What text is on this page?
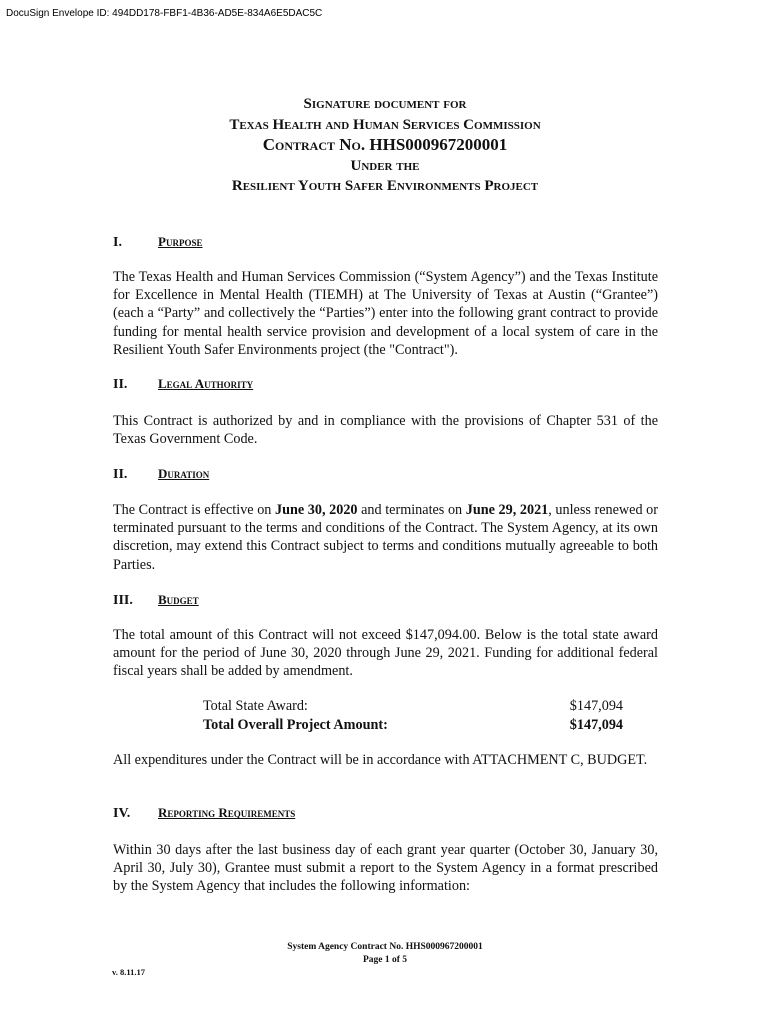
DocuSign Envelope ID: 494DD178-FBF1-4B36-AD5E-834A6E5DAC5C
Signature document for
Texas Health and Human Services Commission
Contract No. HHS000967200001
Under the
Resilient Youth Safer Environments Project
I.	Purpose
The Texas Health and Human Services Commission (“System Agency”) and the Texas Institute for Excellence in Mental Health (TIEMH) at The University of Texas at Austin (“Grantee”) (each a “Party” and collectively the “Parties”) enter into the following grant contract to provide funding for mental health service provision and development of a local system of care in the Resilient Youth Safer Environments project (the "Contract").
II. Legal Authority
This Contract is authorized by and in compliance with the provisions of Chapter 531 of the Texas Government Code.
II. Duration
The Contract is effective on June 30, 2020 and terminates on June 29, 2021, unless renewed or terminated pursuant to the terms and conditions of the Contract. The System Agency, at its own discretion, may extend this Contract subject to terms and conditions mutually agreeable to both Parties.
III. Budget
The total amount of this Contract will not exceed $147,094.00. Below is the total state award amount for the period of June 30, 2020 through June 29, 2021. Funding for additional federal fiscal years shall be added by amendment.
Total State Award:	$147,094
Total Overall Project Amount:	$147,094
All expenditures under the Contract will be in accordance with ATTACHMENT C, BUDGET.
IV. Reporting Requirements
Within 30 days after the last business day of each grant year quarter (October 30, January 30, April 30, July 30), Grantee must submit a report to the System Agency in a format prescribed by the System Agency that includes the following information:
System Agency Contract No. HHS000967200001
Page 1 of 5
v. 8.11.17
